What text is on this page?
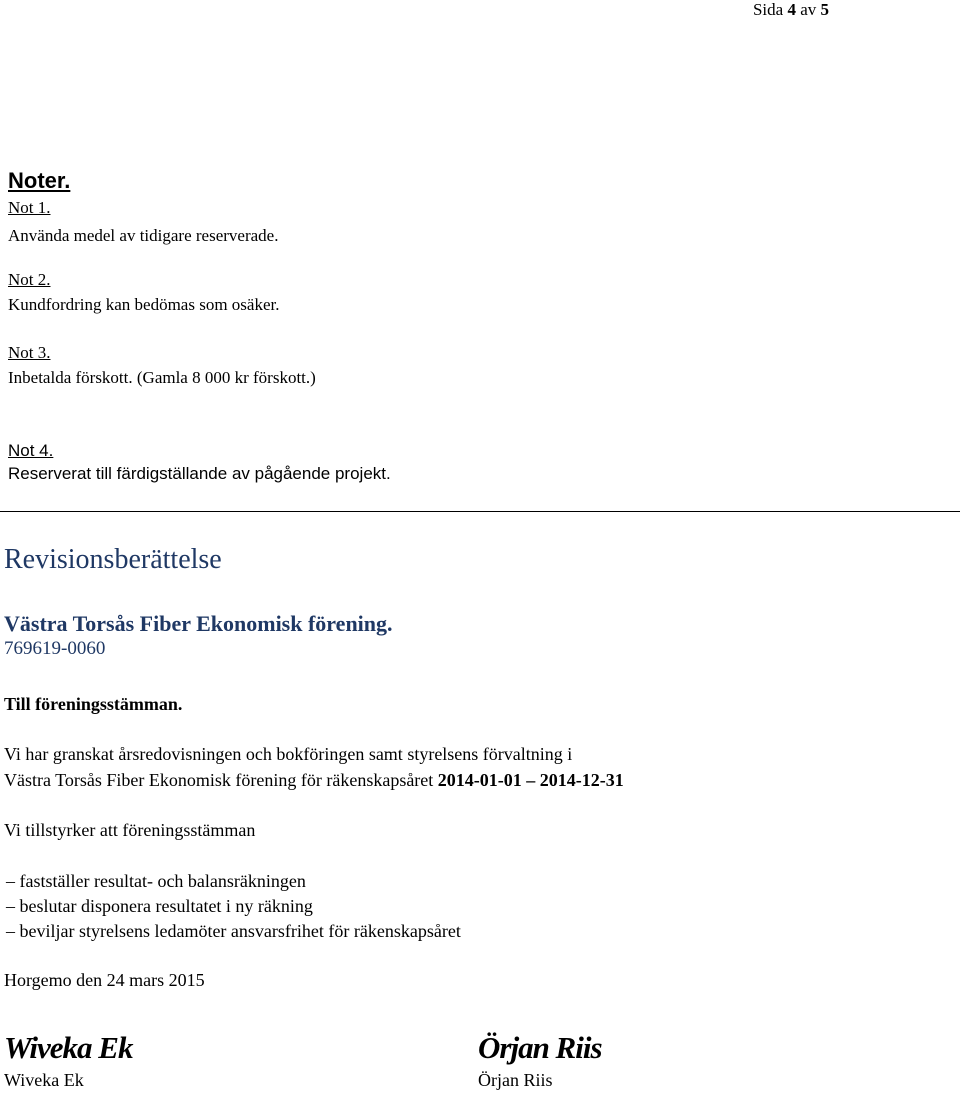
Sida 4 av 5
Noter.
Not 1.
Använda medel av tidigare reserverade.
Not 2.
Kundfordring kan bedömas som osäker.
Not 3.
Inbetalda förskott. (Gamla 8 000 kr förskott.)
Not 4.
Reserverat till färdigställande av pågående projekt.
Revisionsberättelse
Västra Torsås Fiber Ekonomisk förening.
769619-0060
Till föreningsstämman.
Vi har granskat årsredovisningen och bokföringen samt styrelsens förvaltning i
Västra Torsås Fiber Ekonomisk förening för räkenskapsåret 2014-01-01 – 2014-12-31
Vi tillstyrker att föreningsstämman
– fastställer resultat- och balansräkningen
– beslutar disponera resultatet i ny räkning
– beviljar styrelsens ledamöter ansvarsfrihet för räkenskapsåret
Horgemo den 24 mars 2015
Wiveka Ek
Wiveka Ek
Örjan Riis
Örjan Riis
